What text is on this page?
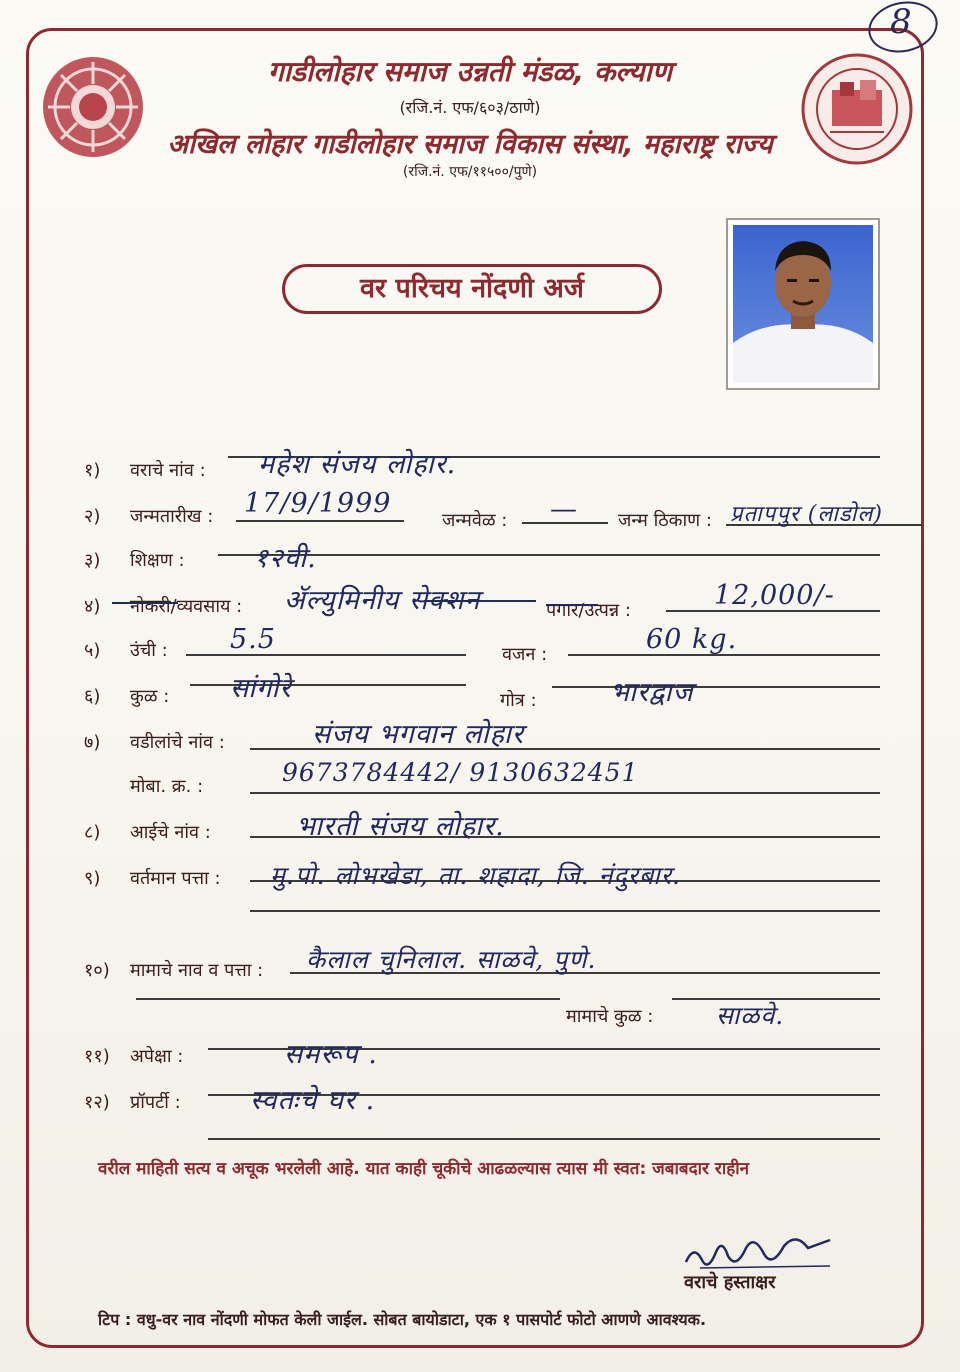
8
गाडीलोहार समाज उन्नती मंडळ, कल्याण
(रजि.नं. एफ/६०३/ठाणे)
अखिल लोहार गाडीलोहार समाज विकास संस्था, महाराष्ट्र राज्य
(रजि.नं. एफ/११५००/पुणे)
वर परिचय नोंदणी अर्ज
१) वराचे नांव : महेश संजय लोहार.
२) जन्मतारीख : 17/9/1999
जन्मवेळ : — जन्म ठिकाण : प्रतापपुर (लाडोल)
३) शिक्षण :	१२वी.
४) नोकरी/व्यवसाय : ॲल्युमिनीय सेक्शन	पगार/उत्पन्न :	12,000/-
५) उंची : 5.5	वजन :	60 kg.
६) कुळ : सांगोरे	गोत्र :	भारद्वाज
७) वडीलांचे नांव :	संजय भगवान लोहार
मोबा. क्र. :	9673784442/ 9130632451
८) आईचे नांव :	भारती संजय लोहार.
९) वर्तमान पत्ता : मु.पो. लोभखेडा, ता. शहादा, जि. नंदुरबार.
१०) मामाचे नाव व पत्ता : कैलाल चुनिलाल. साळवे, पुणे.
मामाचे कुळ :	साळवे.
११) अपेक्षा :	समरूप .
१२) प्रॉपर्टी :	स्वतःचे घर .
वरील माहिती सत्य व अचूक भरलेली आहे. यात काही चूकीचे आढळल्यास त्यास मी स्वत: जबाबदार राहीन
वराचे हस्ताक्षर
टिप : वधु-वर नाव नोंदणी मोफत केली जाईल. सोबत बायोडाटा, एक १ पासपोर्ट फोटो आणणे आवश्यक.
